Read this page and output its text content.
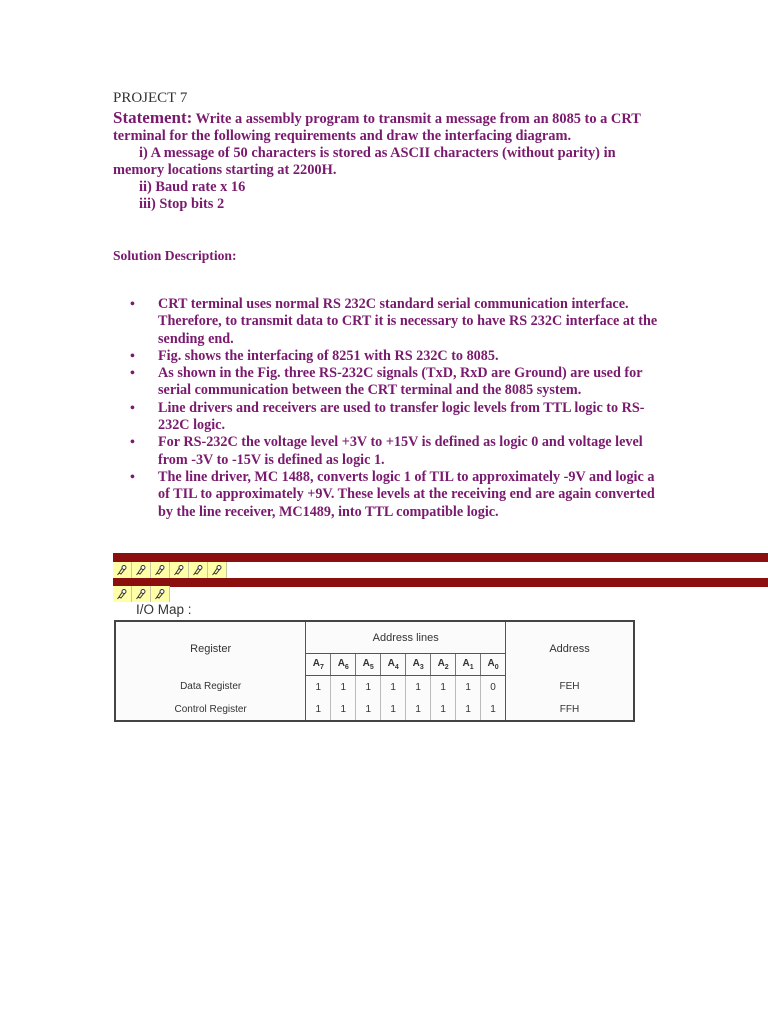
PROJECT 7
Statement: Write a assembly program to transmit a message from an 8085 to a CRT terminal for the following requirements and draw the interfacing diagram.
i) A message of 50 characters is stored as ASCII characters (without parity) in
memory locations starting at 2200H.
ii) Baud rate x 16
iii) Stop bits 2
Solution Description:
• CRT terminal uses normal RS 232C standard serial communication interface. Therefore, to transmit data to CRT it is necessary to have RS 232C interface at the sending end.
• Fig. shows the interfacing of 8251 with RS 232C to 8085.
• As shown in the Fig. three RS-232C signals (TxD, RxD are Ground) are used for serial communication between the CRT terminal and the 8085 system.
• Line drivers and receivers are used to transfer logic levels from TTL logic to RS-232C logic.
• For RS-232C the voltage level +3V to +15V is defined as logic 0 and voltage level from -3V to -15V is defined as logic 1.
• The line driver, MC 1488, converts logic 1 of TIL to approximately -9V and logic a of TIL to approximately +9V. These levels at the receiving end are again converted by the line receiver, MC1489, into TTL compatible logic.
I/O Map :
Register	Address lines								Address
	$A_7$	$A_6$	$A_5$	$A_4$	$A_3$	$A_2$	$A_1$	$A_0$
Data Register	1	1	1	1	1	1	1	0	FEH
Control Register	1	1	1	1	1	1	1	1	FFH
